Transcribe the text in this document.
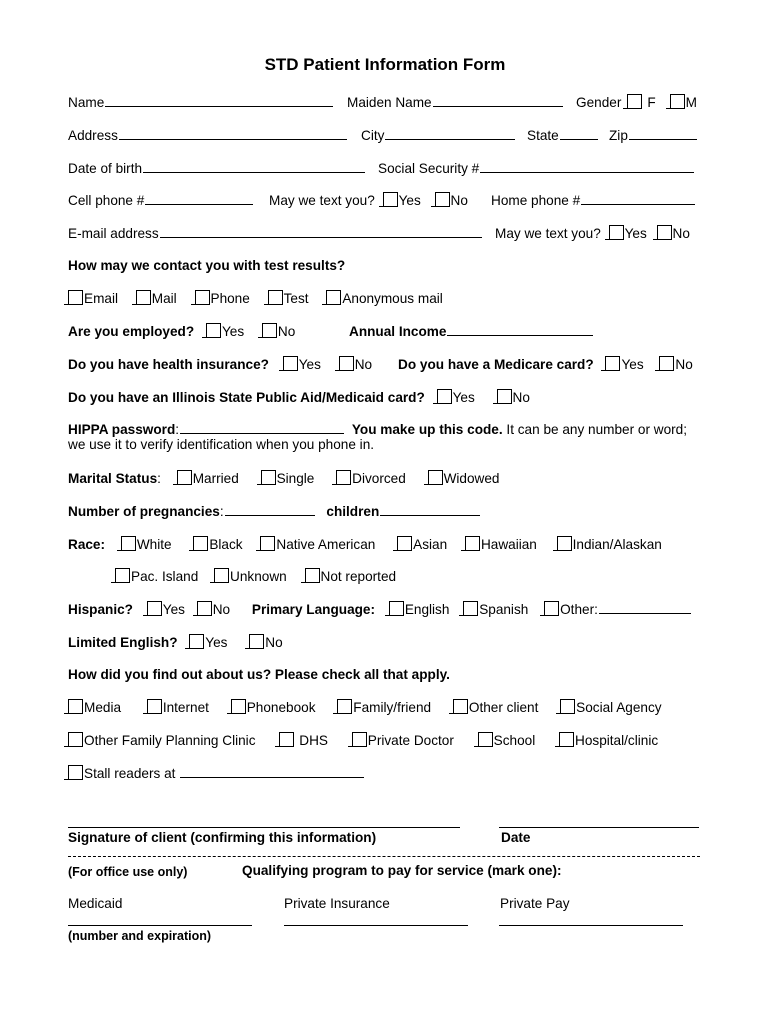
STD Patient Information Form
Name	Maiden Name	Gender F M
Address	City	State	Zip
Date of birth	Social Security #
Cell phone #	May we text you? Yes No Home phone #
E-mail address	May we text you? Yes No
How may we contact you with test results?
Email Mail Phone Test Anonymous mail
Are you employed? Yes No	Annual Income
Do you have health insurance? Yes No Do you have a Medicare card? Yes No
Do you have an Illinois State Public Aid/Medicaid card? Yes	No
HIPPA password:	You make up this code. It can be any number or word;
we use it to verify identification when you phone in.
Marital Status: Married	Single	Divorced	Widowed
Number of pregnancies:	children
Race: White	Black Native American	Asian Hawaiian	Indian/Alaskan
Pac. Island Unknown Not reported
Hispanic? Yes No Primary Language: English Spanish Other:
Limited English? Yes	No
How did you find out about us? Please check all that apply.
Media	Internet	Phonebook	Family/friend	Other client	Social Agency
Other Family Planning Clinic	DHS	Private Doctor	School	Hospital/clinic
Stall readers at
Signature of client (confirming this information)	Date
(For office use only)	Qualifying program to pay for service (mark one):
Medicaid	Private Insurance	Private Pay
(number and expiration)
